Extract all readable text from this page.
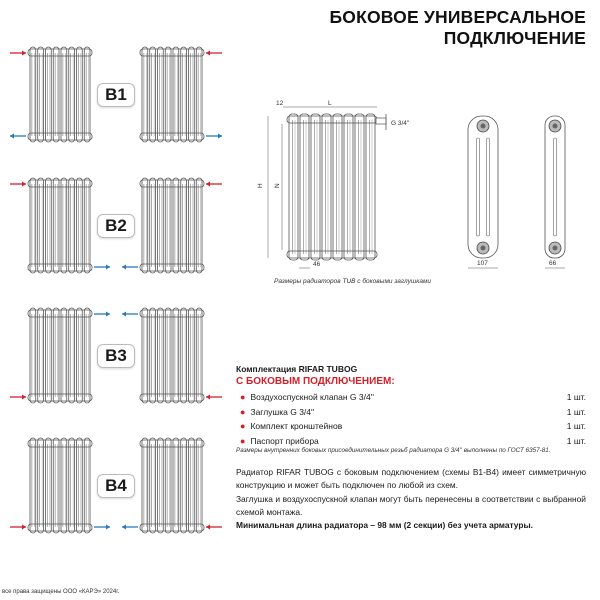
БОКОВОЕ УНИВЕРСАЛЬНОЕ
ПОДКЛЮЧЕНИЕ
B1
B2
B3
B4
G 3/4''
L
12
H N
46	107	66
Размеры радиаторов TUB с боковыми заглушками
Комплектация RIFAR TUBOG
С БОКОВЫМ ПОДКЛЮЧЕНИЕМ:
● Воздухоспускной клапан G 3/4''	1 шт.
● Заглушка G 3/4''	1 шт.
● Комплект кронштейнов	1 шт.
● Паспорт прибора	1 шт.
Размеры внутренних боковых присоединительных резьб радиатора G 3/4'' выполнены по ГОСТ 6357-81.
Радиатор RIFAR TUBOG с боковым подключением (схемы B1-B4) имеет симметричную конструкцию и может быть подключен по любой из схем.
Заглушка и воздухоспускной клапан могут быть перенесены в соответствии с выбранной схемой монтажа.
Минимальная длина радиатора – 98 мм (2 секции) без учета арматуры.
все права защищены ООО «КАРЭ» 2024г.
